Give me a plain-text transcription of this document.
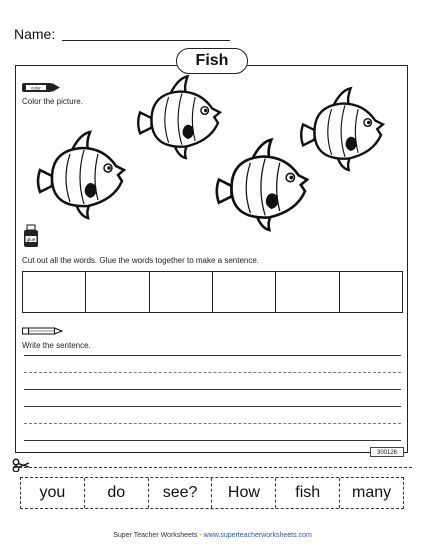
Name:
Fish
color
Color the picture.
glue
Cut out all the words. Glue the words together to make a sentence.
Write the sentence.
300126
you	do	see?	How	fish	many
Super Teacher Worksheets - www.superteacherworksheets.com
